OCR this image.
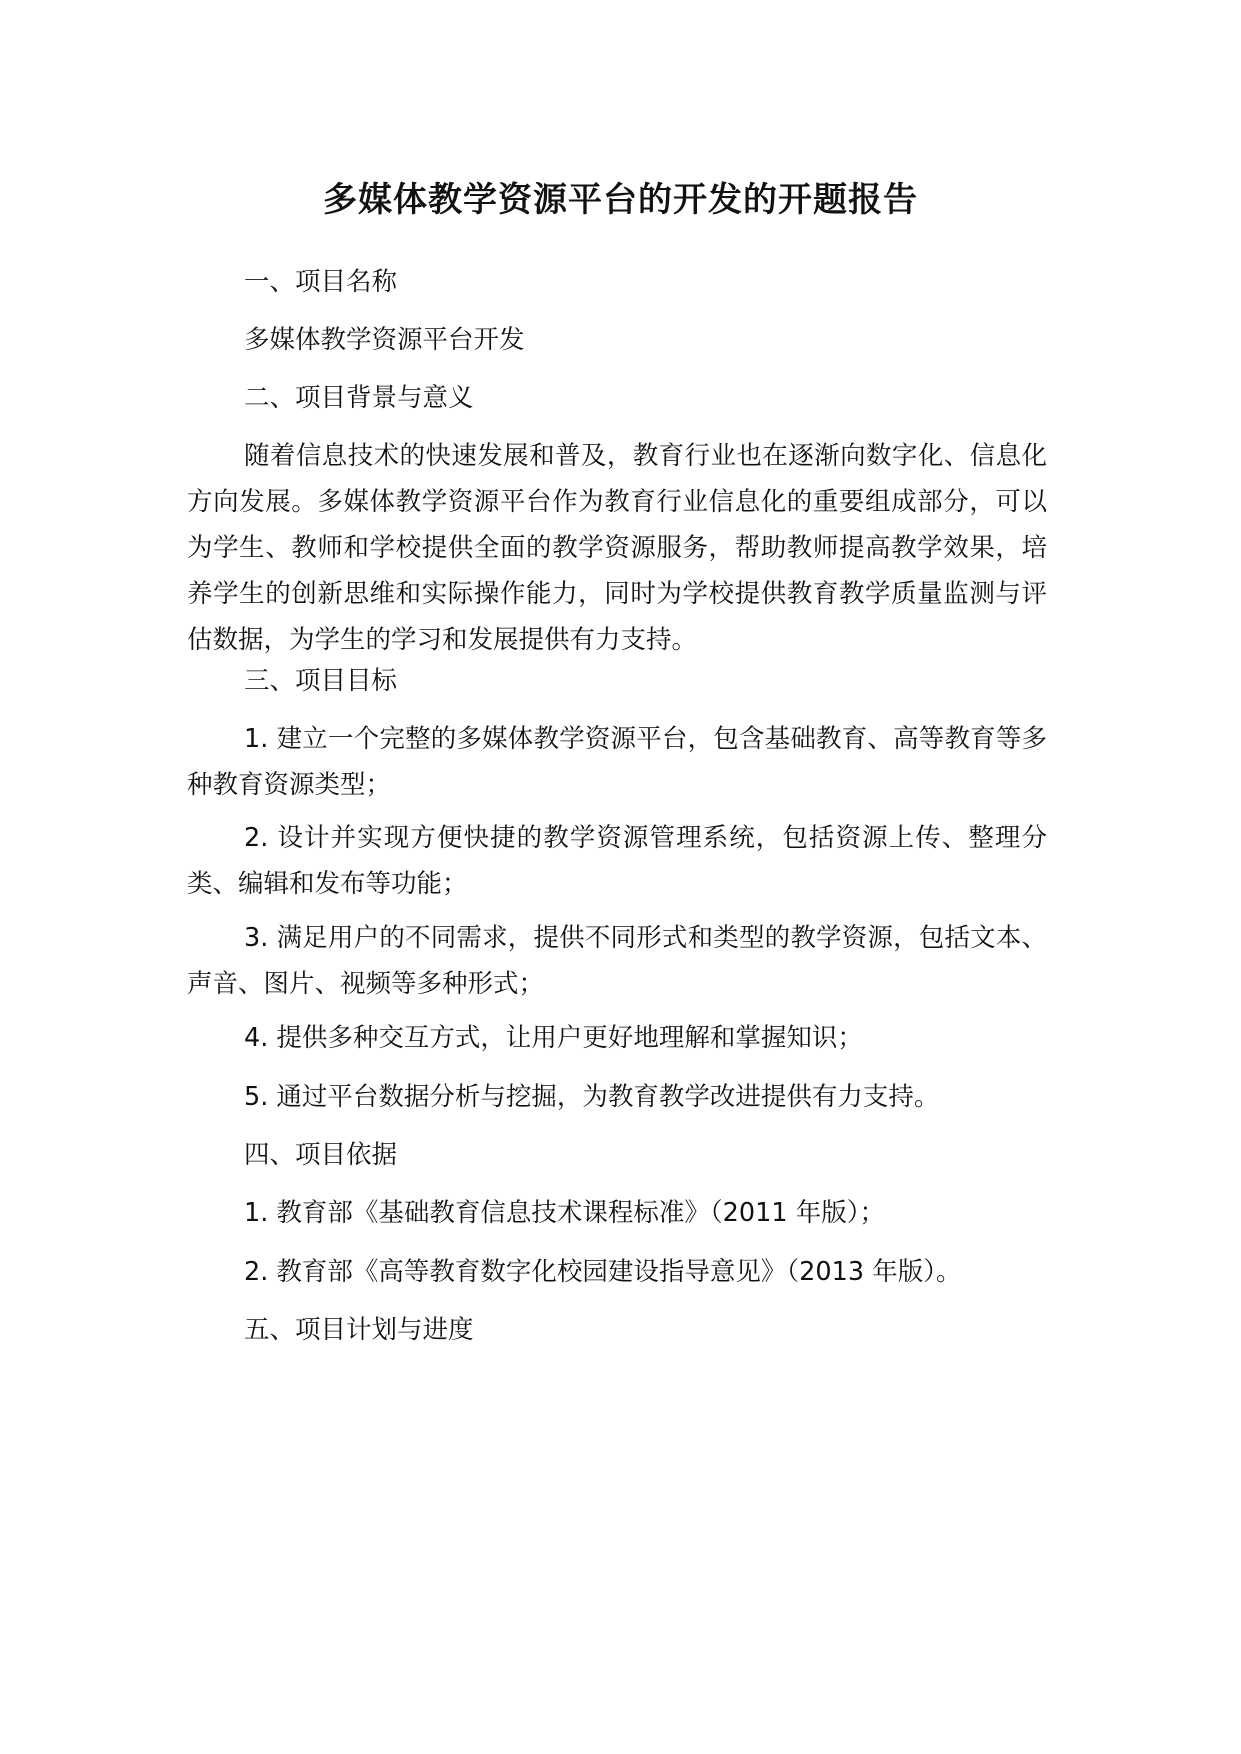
多媒体教学资源平台的开发的开题报告

一、项目名称

多媒体教学资源平台开发

二、项目背景与意义

随着信息技术的快速发展和普及，教育行业也在逐渐向数字化、信息化方向发展。多媒体教学资源平台作为教育行业信息化的重要组成部分，可以为学生、教师和学校提供全面的教学资源服务，帮助教师提高教学效果，培养学生的创新思维和实际操作能力，同时为学校提供教育教学质量监测与评估数据，为学生的学习和发展提供有力支持。

三、项目目标

1. 建立一个完整的多媒体教学资源平台，包含基础教育、高等教育等多种教育资源类型；

2. 设计并实现方便快捷的教学资源管理系统，包括资源上传、整理分类、编辑和发布等功能；

3. 满足用户的不同需求，提供不同形式和类型的教学资源，包括文本、声音、图片、视频等多种形式；

4. 提供多种交互方式，让用户更好地理解和掌握知识；

5. 通过平台数据分析与挖掘，为教育教学改进提供有力支持。

四、项目依据

1. 教育部《基础教育信息技术课程标准》（2011 年版）；

2. 教育部《高等教育数字化校园建设指导意见》（2013 年版）。

五、项目计划与进度
